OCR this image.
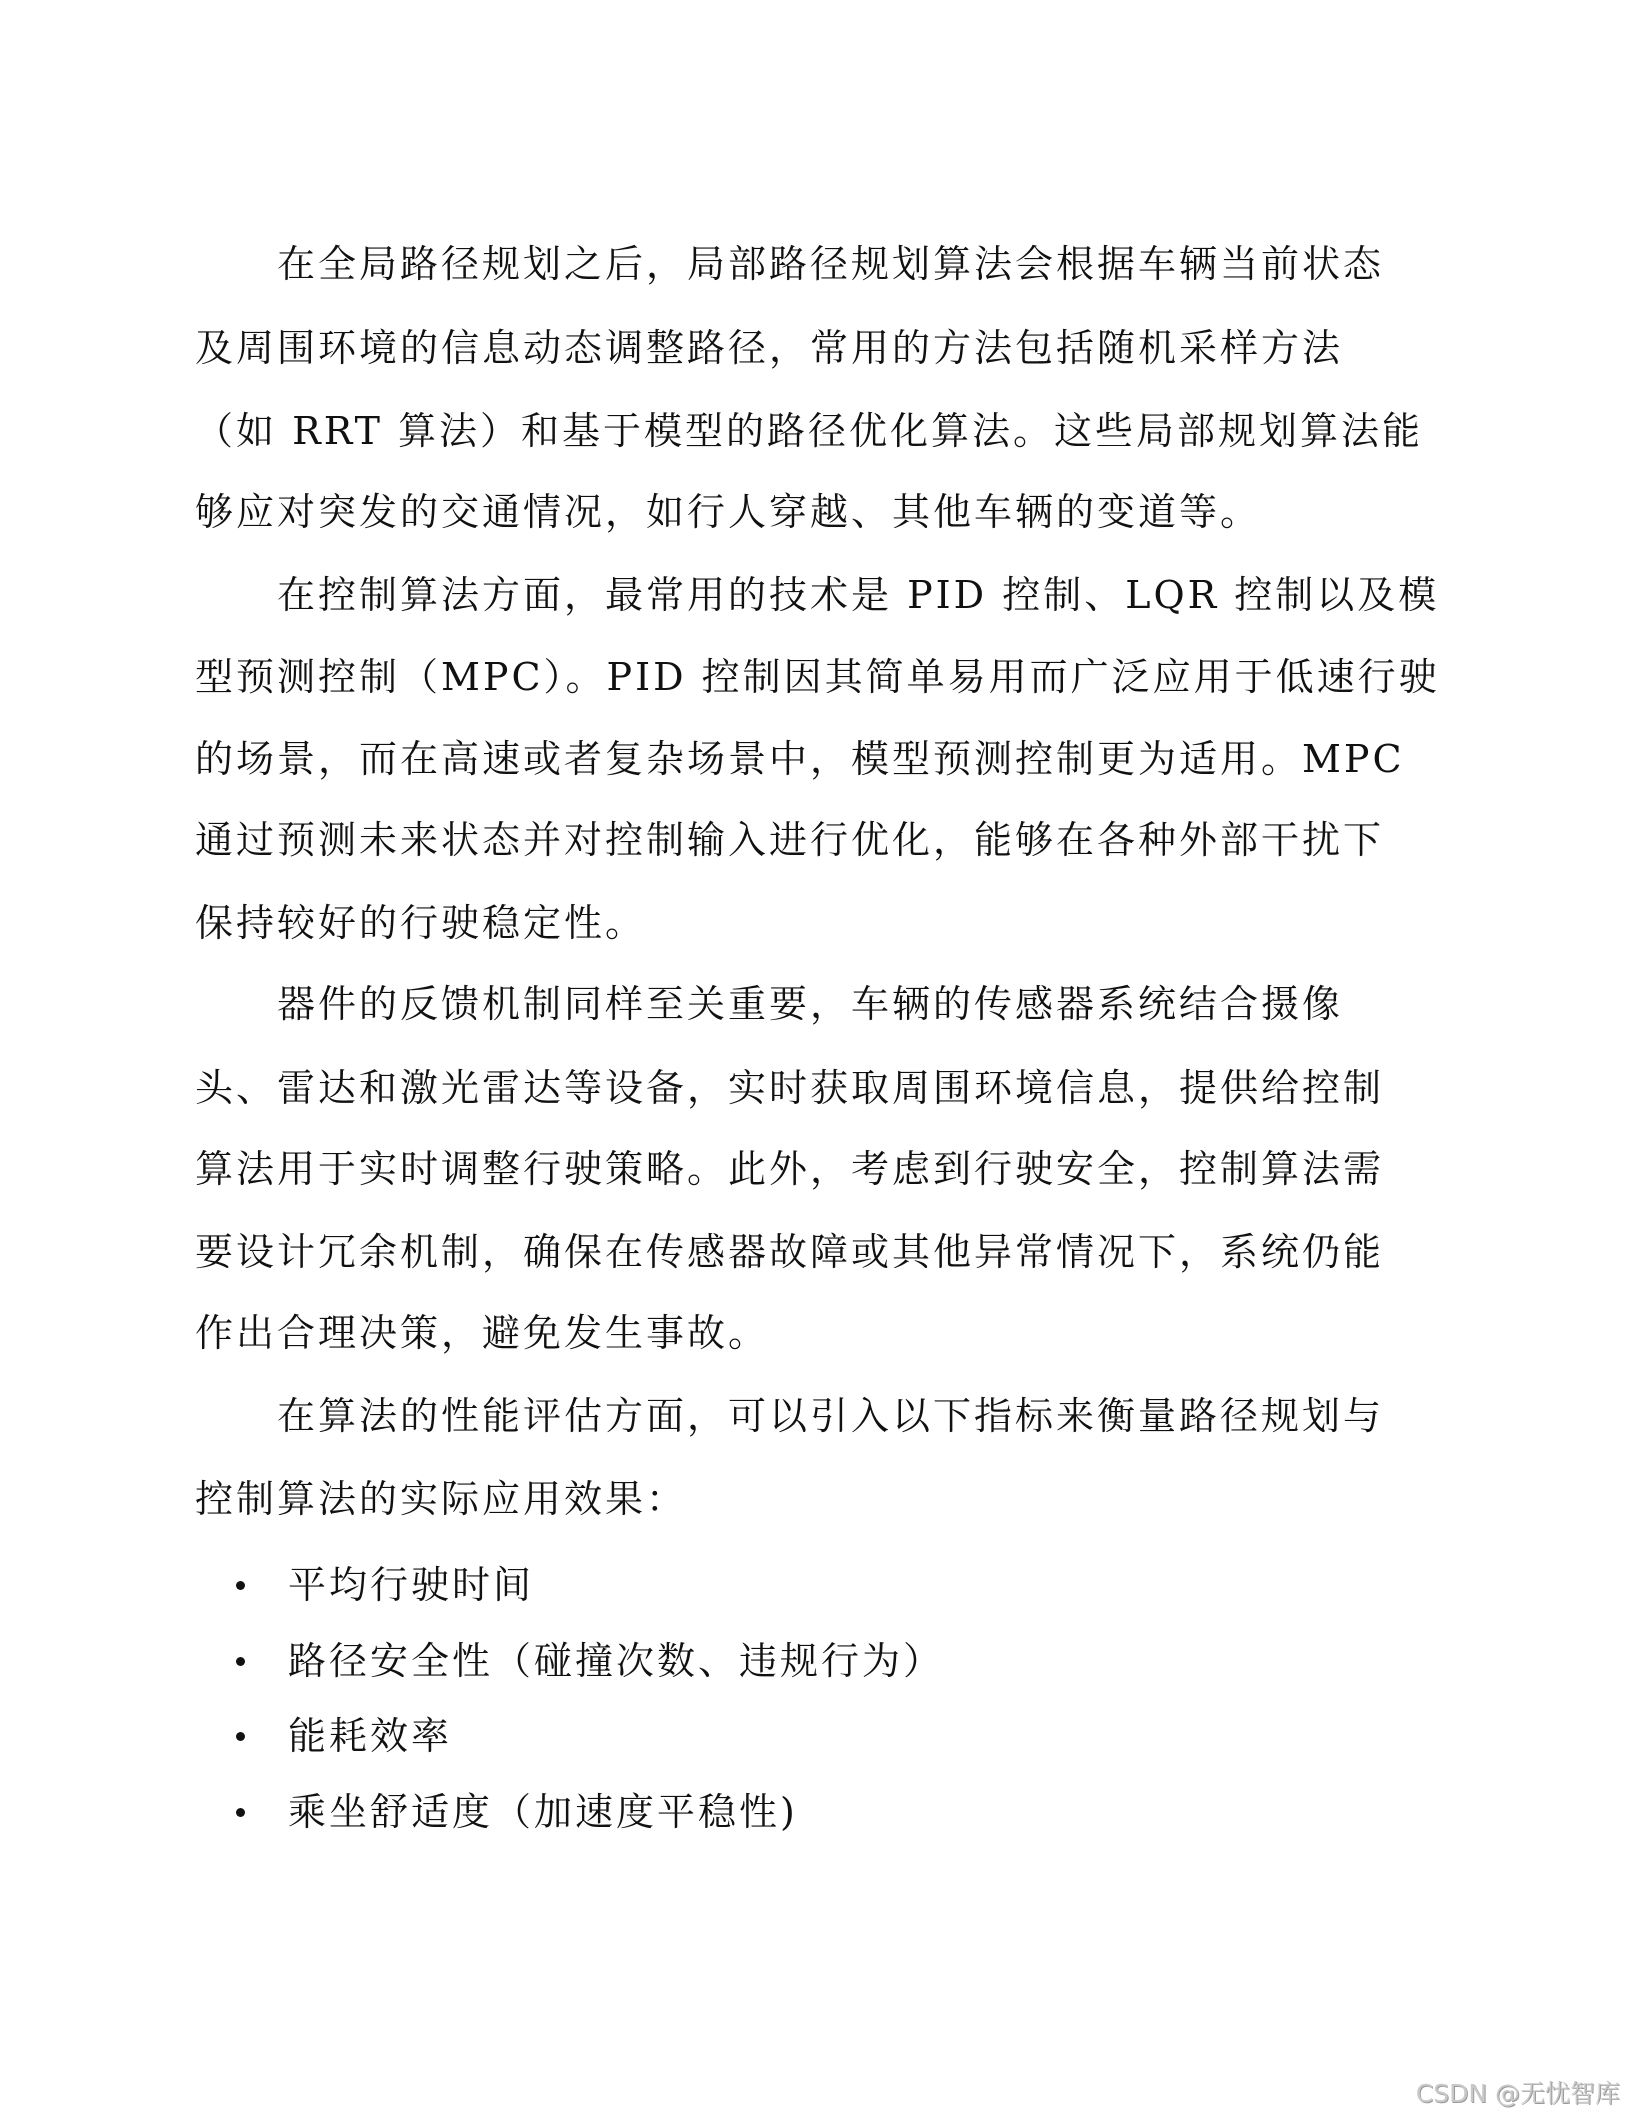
在全局路径规划之后，局部路径规划算法会根据车辆当前状态
及周围环境的信息动态调整路径，常用的方法包括随机采样方法
（如 RRT 算法）和基于模型的路径优化算法。这些局部规划算法能
够应对突发的交通情况，如行人穿越、其他车辆的变道等。
在控制算法方面，最常用的技术是 PID 控制、LQR 控制以及模
型预测控制（MPC）。PID 控制因其简单易用而广泛应用于低速行驶
的场景，而在高速或者复杂场景中，模型预测控制更为适用。MPC
通过预测未来状态并对控制输入进行优化，能够在各种外部干扰下
保持较好的行驶稳定性。
器件的反馈机制同样至关重要，车辆的传感器系统结合摄像
头、雷达和激光雷达等设备，实时获取周围环境信息，提供给控制
算法用于实时调整行驶策略。此外，考虑到行驶安全，控制算法需
要设计冗余机制，确保在传感器故障或其他异常情况下，系统仍能
作出合理决策，避免发生事故。
在算法的性能评估方面，可以引入以下指标来衡量路径规划与
控制算法的实际应用效果：
平均行驶时间
路径安全性（碰撞次数、违规行为）
能耗效率
乘坐舒适度（加速度平稳性)
CSDN @无忧智库
